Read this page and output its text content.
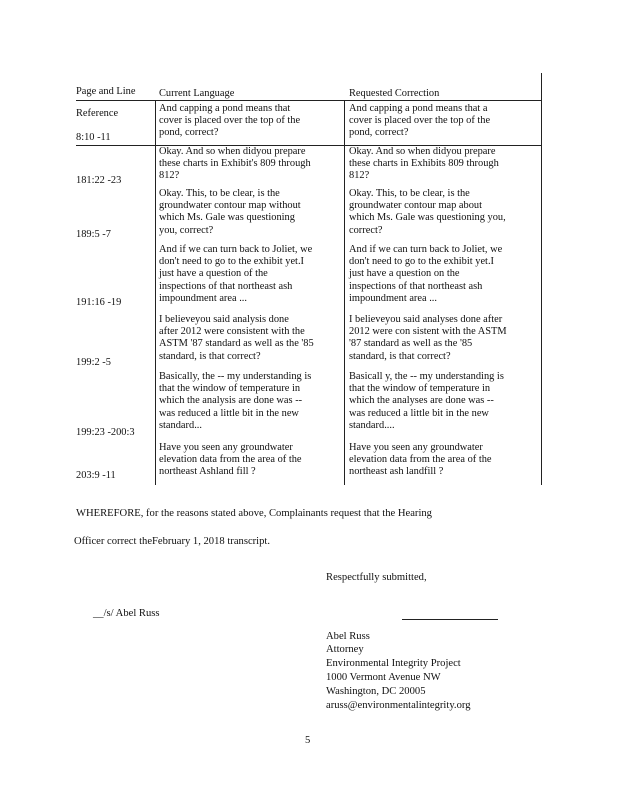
Page and Line

Reference

Current Language	Requested Correction
And capping a pond means that
cover is placed over the top of the
pond, correct?
And capping a pond means that a
cover is placed over the top of the
pond, correct?
8:10 -11
Okay. And so when didyou prepare
these charts in Exhibit's 809 through
812?
Okay. And so when didyou prepare
these charts in Exhibits 809 through
812?
181:22 -23
Okay. This, to be clear, is the
groundwater contour map without
which Ms. Gale was questioning
you, correct?
Okay. This, to be clear, is the
groundwater contour map about
which Ms. Gale was questioning you,
correct?
189:5 -7
And if we can turn back to Joliet, we
don't need to go to the exhibit yet.I
just have a question of the
inspections of that northeast ash
impoundment area ...
And if we can turn back to Joliet, we
don't need to go to the exhibit yet.I
just have a question on the
inspections of that northeast ash
impoundment area ...
191:16 -19
I believeyou said analysis done
after 2012 were consistent with the
ASTM '87 standard as well as the '85
standard, is that correct?
I believeyou said analyses done after
2012 were con sistent with the ASTM
'87 standard as well as the '85
standard, is that correct?
199:2 -5
Basically, the -- my understanding is
that the window of temperature in
which the analysis are done was --
was reduced a little bit in the new
standard...
Basicall y, the -- my understanding is
that the window of temperature in
which the analyses are done was --
was reduced a little bit in the new
standard....
199:23 -200:3
Have you seen any groundwater
elevation data from the area of the
northeast Ashland fill ?
Have you seen any groundwater
elevation data from the area of the
northeast ash landfill ?
203:9 -11
WHEREFORE, for the reasons stated above, Complainants request that the Hearing
Officer correct theFebruary 1, 2018 transcript.
Respectfully submitted,
__/s/ Abel Russ
Abel Russ
Attorney
Environmental Integrity Project
1000 Vermont Avenue NW
Washington, DC 20005
aruss@environmentalintegrity.org
5
